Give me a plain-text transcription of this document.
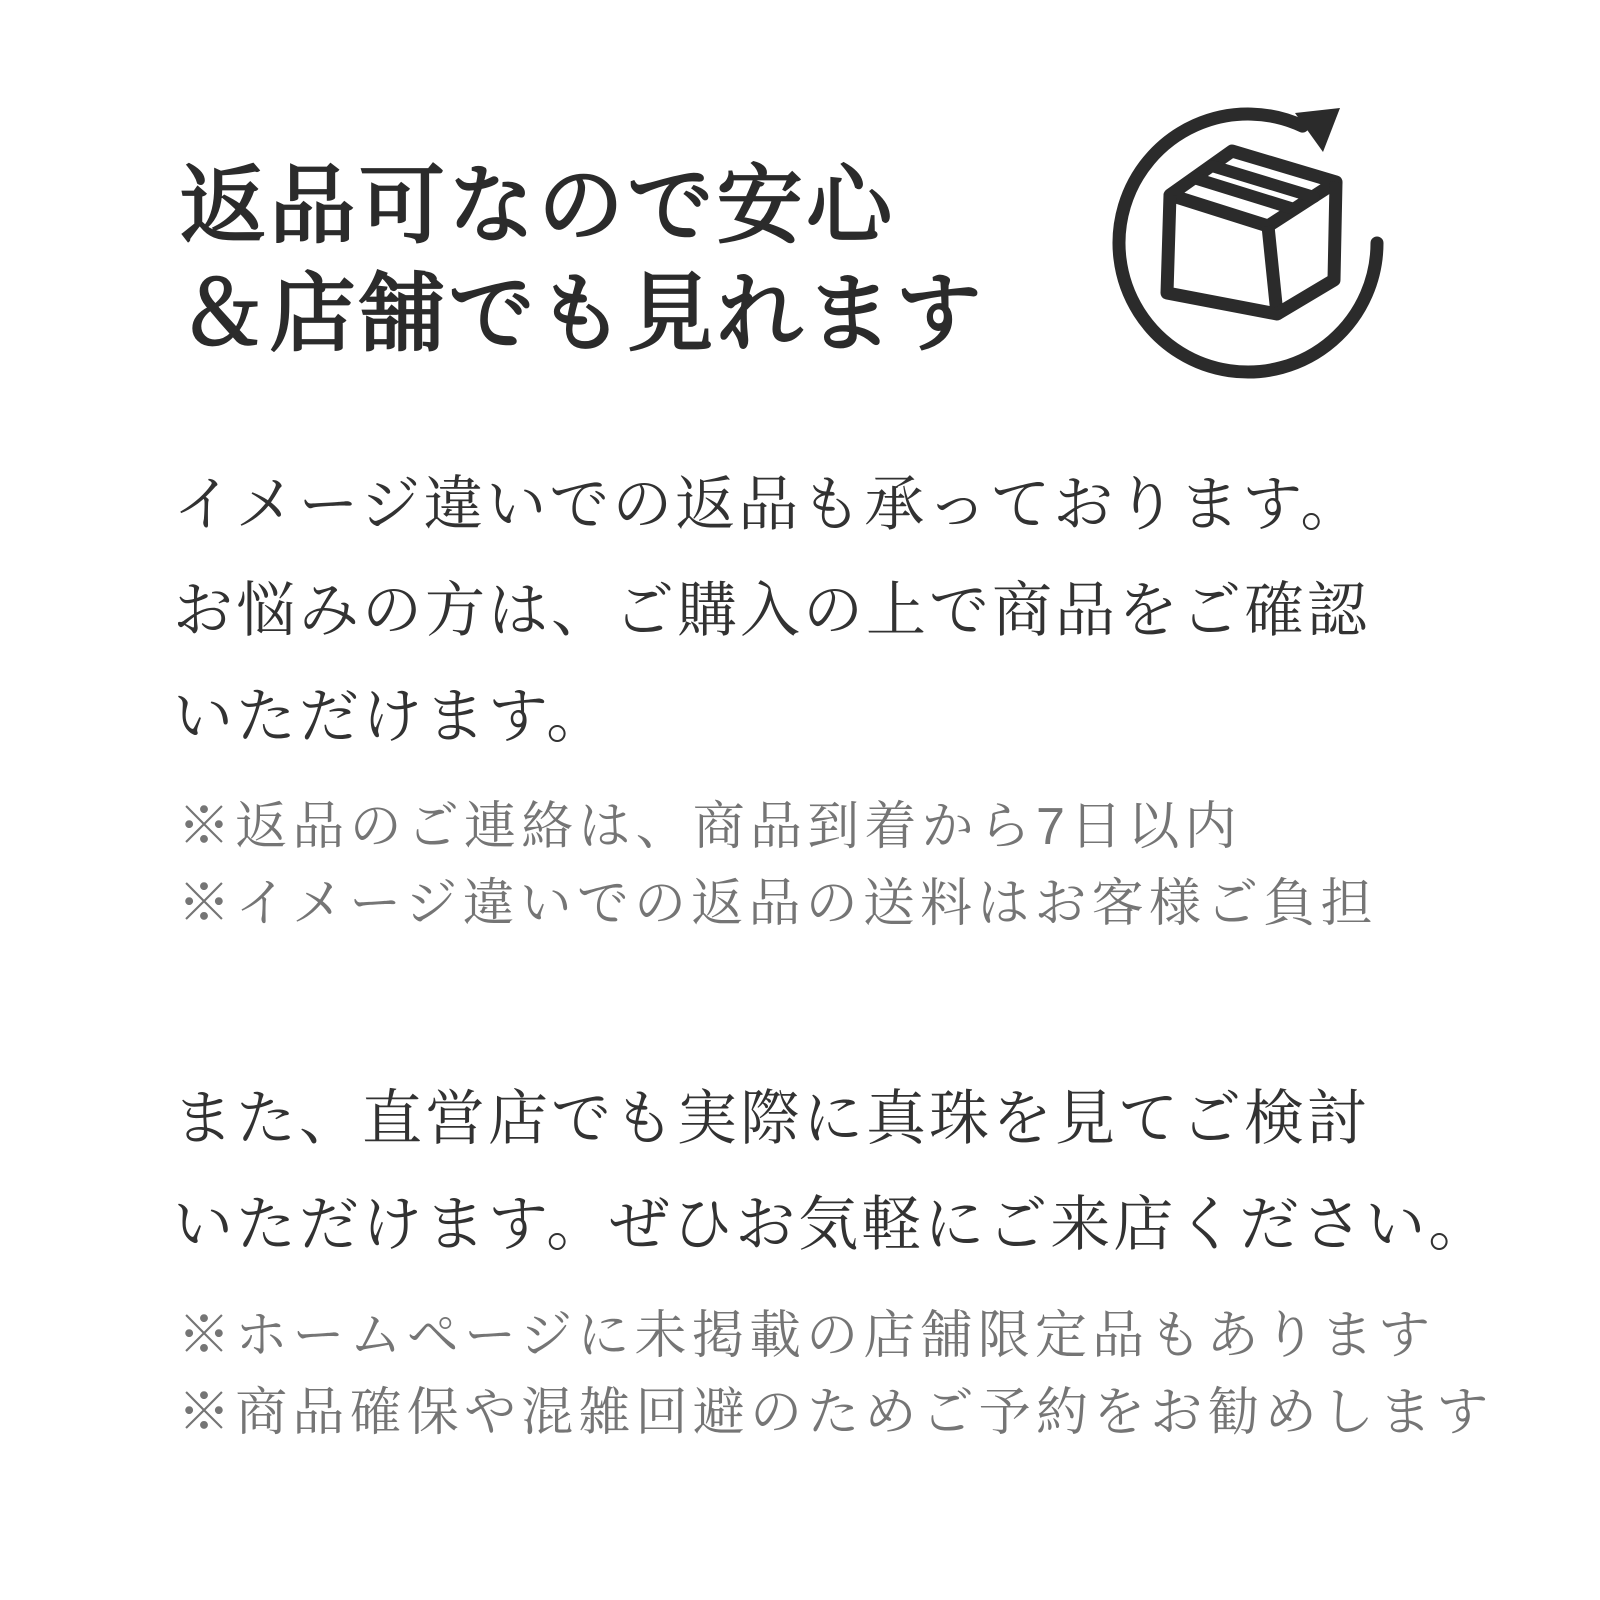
返品可なので安心
＆店舗でも見れます
イメージ違いでの返品も承っております。
お悩みの方は、ご購入の上で商品をご確認
いただけます。
※返品のご連絡は、商品到着から7日以内
※イメージ違いでの返品の送料はお客様ご負担
また、直営店でも実際に真珠を見てご検討
いただけます。ぜひお気軽にご来店ください。
※ホームページに未掲載の店舗限定品もあります
※商品確保や混雑回避のためご予約をお勧めします
